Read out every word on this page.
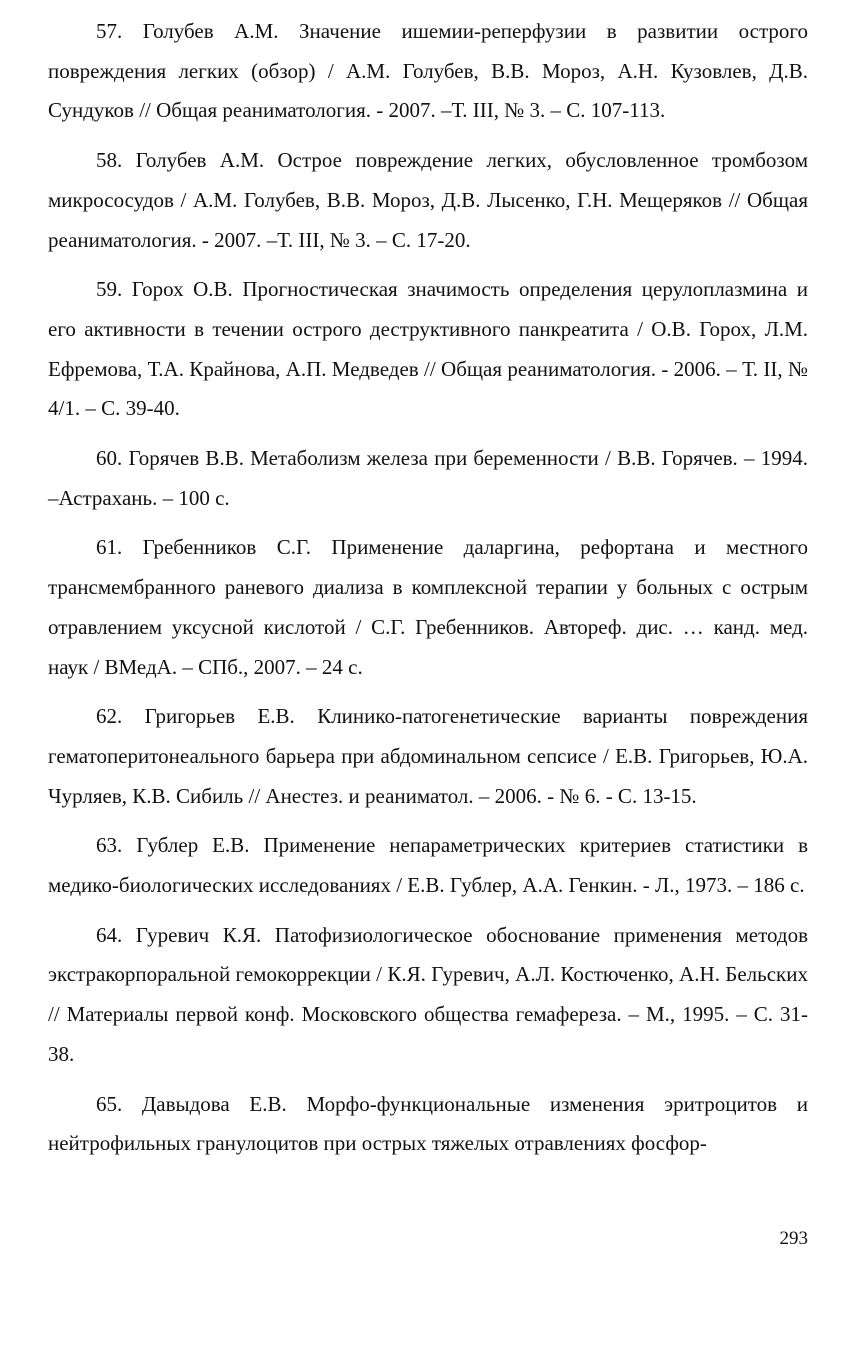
57. Голубев А.М. Значение ишемии-реперфузии в развитии острого повреждения легких (обзор) / А.М. Голубев, В.В. Мороз, А.Н. Кузовлев, Д.В. Сундуков // Общая реаниматология. - 2007. –Т. III, № 3. – С. 107-113.

58. Голубев А.М. Острое повреждение легких, обусловленное тромбозом микрососудов / А.М. Голубев, В.В. Мороз, Д.В. Лысенко, Г.Н. Мещеряков // Общая реаниматология. - 2007. –Т. III, № 3. – С. 17-20.

59. Горох О.В. Прогностическая значимость определения церулоплазмина и его активности в течении острого деструктивного панкреатита / О.В. Горох, Л.М. Ефремова, Т.А. Крайнова, А.П. Медведев // Общая реаниматология. - 2006. – Т. II, № 4/1. – С. 39-40.

60. Горячев В.В. Метаболизм железа при беременности / В.В. Горячев. – 1994. –Астрахань. – 100 с.

61. Гребенников С.Г. Применение даларгина, рефортана и местного трансмембранного раневого диализа в комплексной терапии у больных с острым отравлением уксусной кислотой / С.Г. Гребенников. Автореф. дис. … канд. мед. наук / ВМедА. – СПб., 2007. – 24 с.

62. Григорьев Е.В. Клинико-патогенетические варианты повреждения гематоперитонеального барьера при абдоминальном сепсисе / Е.В. Григорьев, Ю.А. Чурляев, К.В. Сибиль // Анестез. и реаниматол. – 2006. - № 6. - С. 13-15.

63. Гублер Е.В. Применение непараметрических критериев статистики в медико-биологических исследованиях / Е.В. Гублер, А.А. Генкин. - Л., 1973. – 186 с.

64. Гуревич К.Я. Патофизиологическое обоснование применения методов экстракорпоральной гемокоррекции / К.Я. Гуревич, А.Л. Костюченко, А.Н. Бельских // Материалы первой конф. Московского общества гемафереза. – М., 1995. – С. 31-38.

65. Давыдова Е.В. Морфо-функциональные изменения эритроцитов и нейтрофильных гранулоцитов при острых тяжелых отравлениях фосфор-

293
